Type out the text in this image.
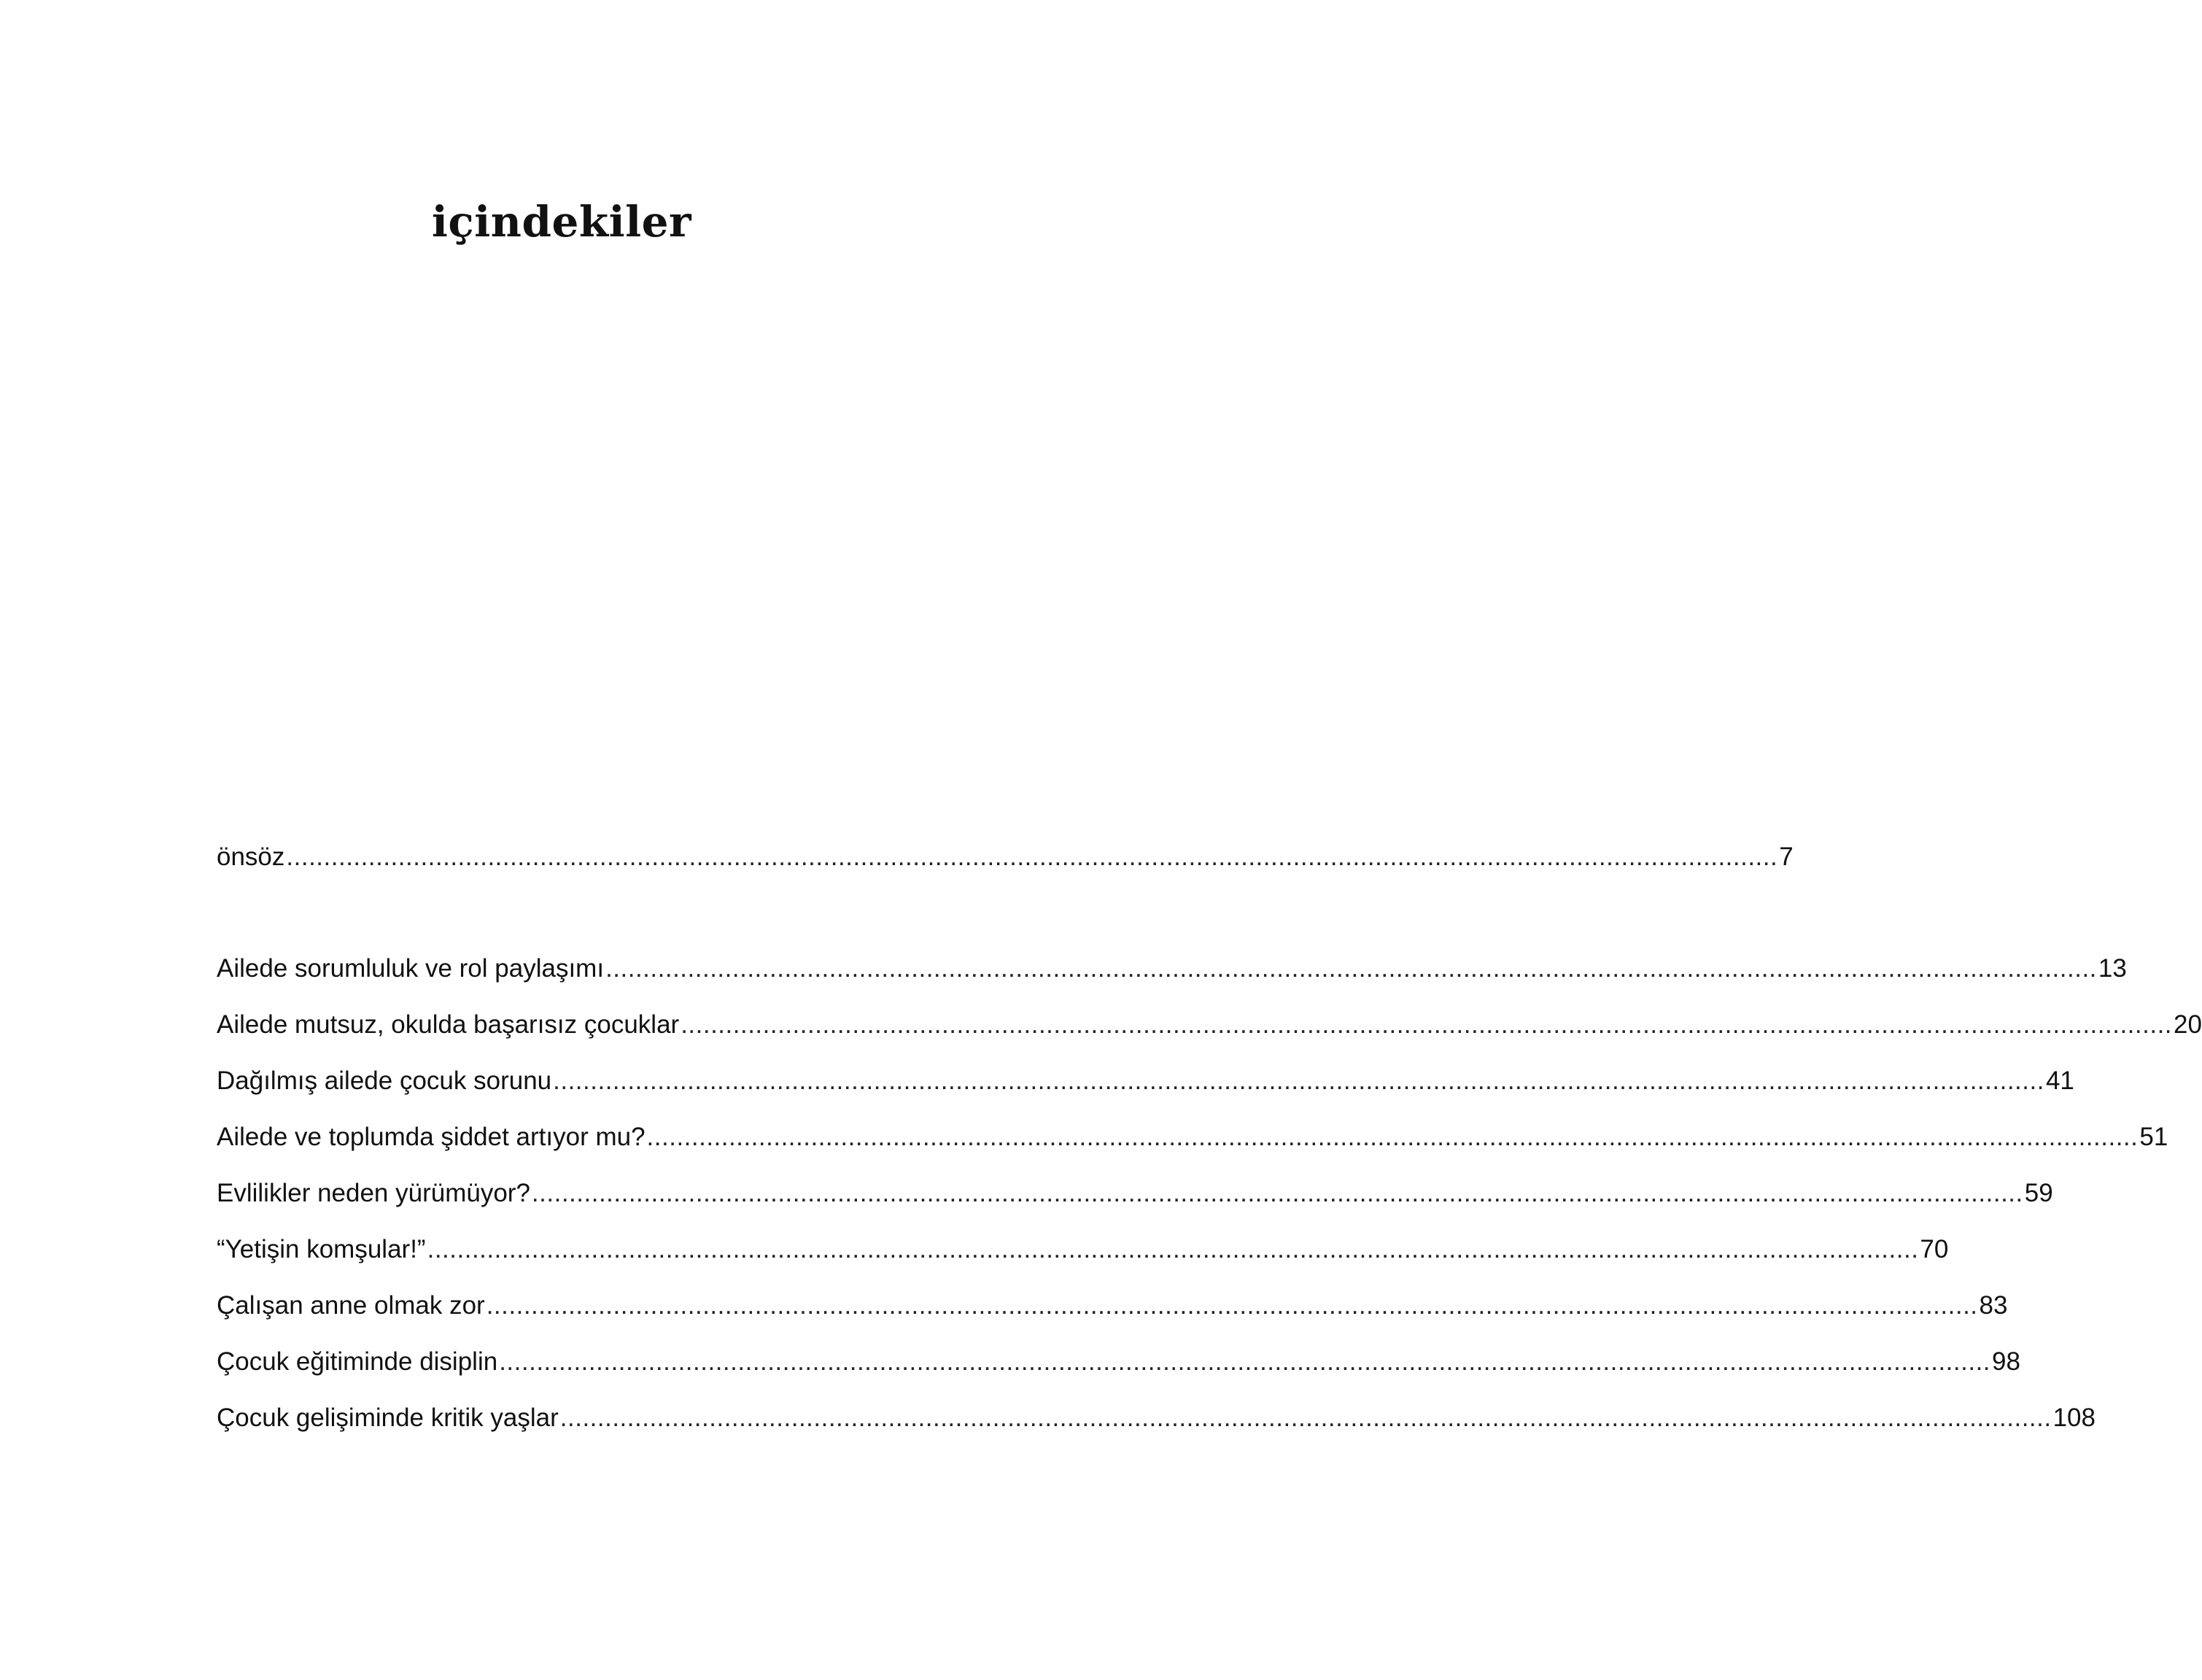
içindekiler
önsöz ........................................................................................................................................................................................................ 7
Ailede sorumluluk ve rol paylaşımı ........................................................................................................................................................................................................ 13
Ailede mutsuz, okulda başarısız çocuklar ........................................................................................................................................................................................................ 20
Dağılmış ailede çocuk sorunu ........................................................................................................................................................................................................ 41
Ailede ve toplumda şiddet artıyor mu? ........................................................................................................................................................................................................ 51
Evlilikler neden yürümüyor? ........................................................................................................................................................................................................ 59
“Yetişin komşular!” ........................................................................................................................................................................................................ 70
Çalışan anne olmak zor ........................................................................................................................................................................................................ 83
Çocuk eğitiminde disiplin ........................................................................................................................................................................................................ 98
Çocuk gelişiminde kritik yaşlar ........................................................................................................................................................................................................ 108
